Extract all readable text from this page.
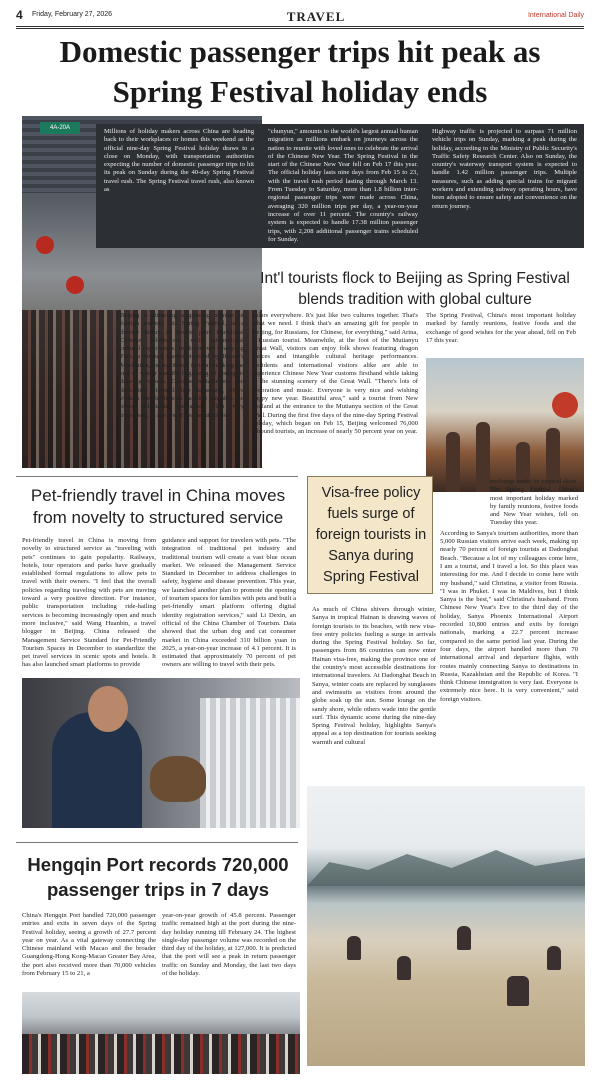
4 Friday, February 27, 2026	TRAVEL	International Daily
Domestic passenger trips hit peak as Spring Festival holiday ends
4A-20A	Millions of holiday makers across China are heading back to their workplaces or homes this weekend as the official nine-day Spring Festival holiday draws to a close on Monday, with transportation authorities expecting the number of domestic passenger trips to hit its peak on Sunday during the 40-day Spring Festival travel rush. The Spring Festival travel rush, also known as
"chunyun," amounts to the world's largest annual human migration as millions embark on journeys across the nation to reunite with loved ones to celebrate the arrival of the Chinese New Year. The Spring Festival in the start of the Chinese New Year fell on Feb 17 this year. The official holiday lasts nine days from Feb 15 to 23, with the travel rush period lasting through March 13. From Tuesday to Saturday, more than 1.8 billion inter-regional passenger trips were made across China, averaging 320 million trips per day, a year-on-year increase of over 11 percent. The country's railway system is expected to handle 17.38 million passenger trips, with 2,208 additional passenger trains scheduled for Sunday.
Highway traffic is projected to surpass 71 million vehicle trips on Sunday, marking a peak during the holiday, according to the Ministry of Public Security's Traffic Safety Research Center. Also on Sunday, the country's waterway transport system is expected to handle 1.42 million passenger trips. Multiple measures, such as adding special trains for migrant workers and extending subway operating hours, have been adopted to ensure safety and convenience on the return journey.
Int'l tourists flock to Beijing as Spring Festival blends tradition with global culture
Beijing is attracting a growing number of foreign tourists this Spring Festival, as a diverse lineup of events pairs traditional Chinese celebrations with international cultural experiences. In downtown Chaoyang Park, a themed market inspired by Russia's Maslenitsa, the traditional festival marking the end of winter and the beginning of spring, is drawing crowds. Colorful installations and decorative windmills line the square, where visitors sample Russian tea, blini pancakes and other delectable specialties. "I'm very impressed, as always, it's so beautiful, red
colors everywhere. It's just like two cultures together. That's what we need. I think that's an amazing gift for people in Beijing, for Russians, for Chinese, for everything," said Arina, a Russian tourist. Meanwhile, at the foot of the Mutianyu Great Wall, visitors can enjoy folk shows featuring dragon dances and intangible cultural heritage performances. Residents and international visitors alike are able to experience Chinese New Year customs firsthand while taking in the stunning scenery of the Great Wall. "There's lots of decoration and music. Everyone is very nice and wishing happy new year. Beautiful area," said a tourist from New Zealand at the entrance to the Mutianyu section of the Great Wall. During the first five days of the nine-day Spring Festival holiday, which began on Feb 15, Beijing welcomed 76,000 inbound tourists, an increase of nearly 50 percent year on year.
The Spring Festival, China's most important holiday marked by family reunions, festive foods and the exchange of good wishes for the year ahead, fell on Feb 17 this year.
Pet-friendly travel in China moves from novelty to structured service
Pet-friendly travel in China is moving from novelty to structured service as "traveling with pets" continues to gain popularity. Railways, hotels, tour operators and parks have gradually established formal regulations to allow pets to travel with their owners. "I feel that the overall policies regarding traveling with pets are moving toward a very positive direction. For instance, public transportation including ride-hailing services is becoming increasingly open and much more inclusive," said Wang Huanbin, a travel blogger in Beijing. China released the Management Service Standard for Pet-Friendly Tourism Spaces in December to standardize the pet travel services in scenic spots and hotels. It has also launched smart platforms to provide
guidance and support for travelers with pets. "The integration of traditional pet industry and traditional tourism will create a vast blue ocean market. We released the Management Service Standard in December to address challenges in safety, hygiene and disease prevention. This year, we launched another plan to promote the opening of tourism spaces for families with pets and built a pet-friendly smart platform offering digital identity registration services," said Li Dexin, an official of the China Chamber of Tourism. Data showed that the urban dog and cat consumer market in China exceeded 310 billion yuan in 2025, a year-on-year increase of 4.1 percent. It is estimated that approximately 70 percent of pet owners are willing to travel with their pets.
Visa-free policy fuels surge of foreign tourists in Sanya during Spring Festival
As much of China shivers through winter, Sanya in tropical Hainan is drawing waves of foreign tourists to its beaches, with new visa-free entry policies fueling a surge in arrivals during the Spring Festival holiday. So far, passengers from 86 countries can now enter Hainan visa-free, making the province one of the country's most accessible destinations for international travelers. At Dadonghai Beach in Sanya, winter coats are replaced by sunglasses and swimsuits as visitors from around the globe soak up the sun. Some lounge on the sandy shore, while others wade into the gentle surf. This dynamic scene during the nine-day Spring Festival holiday, highlights Sanya's appeal as a top destination for tourists seeking warmth and cultural
exchange under its tropical skies. The Spring Festival, China's most important holiday marked by family reunions, festive foods and New Year wishes, fell on Tuesday this year.
According to Sanya's tourism authorities, more than 5,000 Russian visitors arrive each week, making up nearly 70 percent of foreign tourists at Dadonghai Beach. "Because a lot of my colleagues come here, I am a tourist, and I travel a lot. So this place was interesting for me. And I decide to come here with my husband," said Christina, a visitor from Russia. "I was in Phuket. I was in Maldives, but I think Sanya is the best," said Christina's husband. From Chinese New Year's Eve to the third day of the holiday, Sanya Phoenix International Airport recorded 10,800 entries and exits by foreign nationals, marking a 22.7 percent increase compared to the same period last year. During the four days, the airport handled more than 70 international arrival and departure flights, with routes mainly connecting Sanya to destinations in Russia, Kazakhstan and the Republic of Korea. "I think Chinese immigration is very fast. Everyone is extremely nice here. It is very convenient," said foreign visitors.
Hengqin Port records 720,000 passenger trips in 7 days
China's Hengqin Port handled 720,000 passenger entries and exits in seven days of the Spring Festival holiday, seeing a growth of 27.7 percent year on year. As a vital gateway connecting the Chinese mainland with Macao and the broader Guangdong-Hong Kong-Macao Greater Bay Area, the port also received more than 70,000 vehicles from February 15 to 21, a
year-on-year growth of 45.8 percent. Passenger traffic remained high at the port during the nine-day holiday running till February 24. The highest single-day passenger volume was recorded on the third day of the holiday, at 127,000. It is predicted that the port will see a peak in return passenger traffic on Sunday and Monday, the last two days of the holiday.
